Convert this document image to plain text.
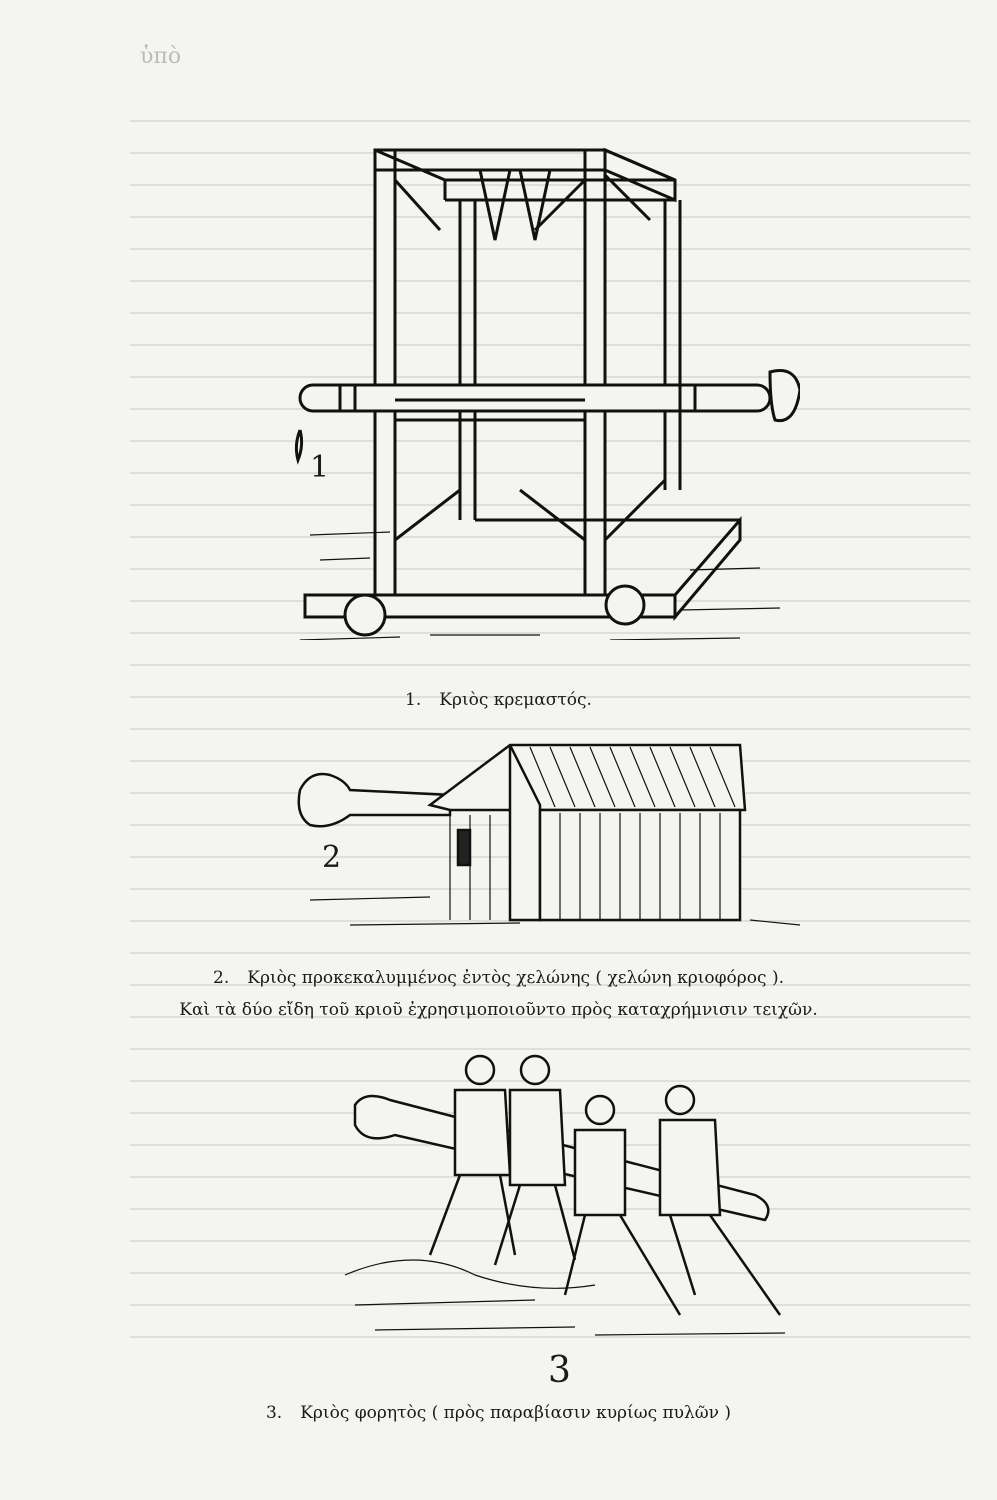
ὑπὸ
1
1. Κριὸς κρεμαστός.
2
2. Κριὸς προκεκαλυμμένος ἐντὸς χελώνης ( χελώνη κριοφόρος ).
Καὶ τὰ δύο εἴδη τοῦ κριοῦ ἐχρησιμοποιοῦντο πρὸς καταχρήμνισιν τειχῶν.
3
3. Κριὸς φορητὸς ( πρὸς παραβίασιν κυρίως πυλῶν )
